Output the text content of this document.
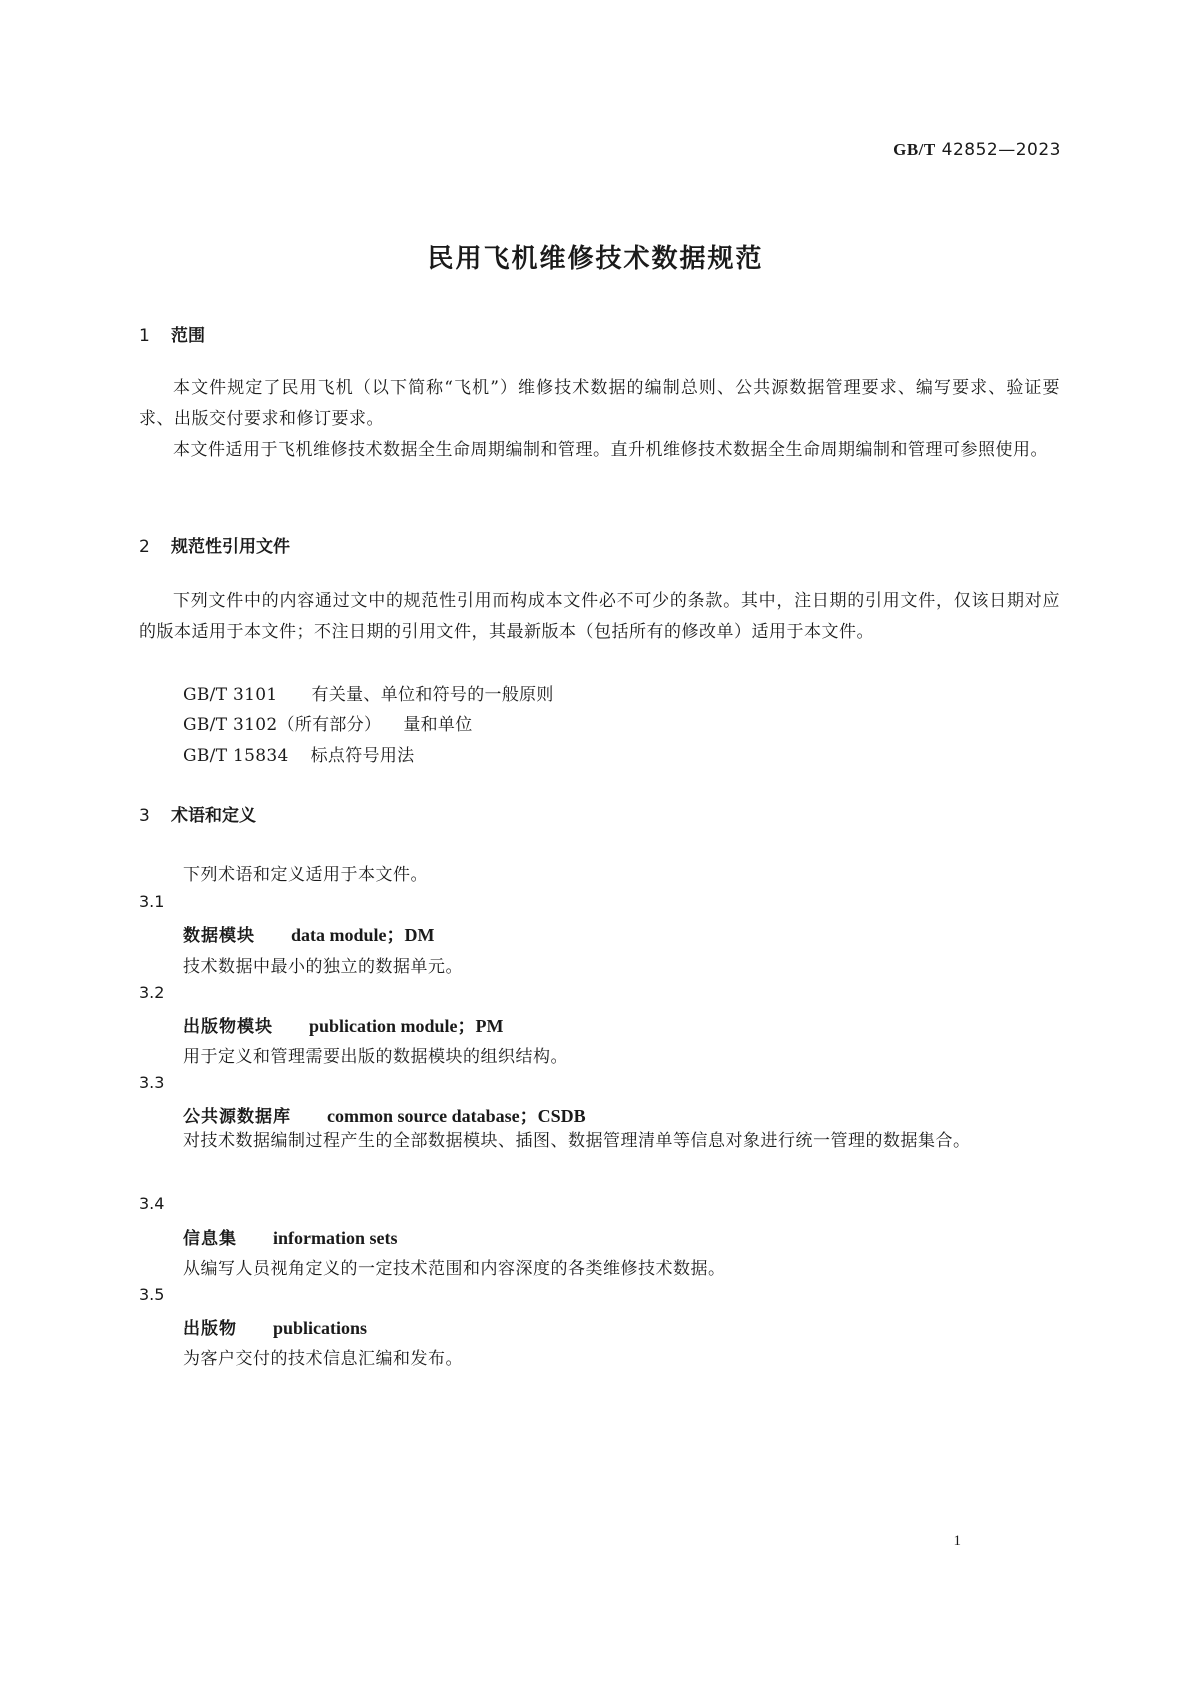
GB/T 42852—2023
民用飞机维修技术数据规范
1 范围
本文件规定了民用飞机（以下简称“飞机”）维修技术数据的编制总则、公共源数据管理要求、编写要求、验证要求、出版交付要求和修订要求。
本文件适用于飞机维修技术数据全生命周期编制和管理。直升机维修技术数据全生命周期编制和管理可参照使用。
2 规范性引用文件
下列文件中的内容通过文中的规范性引用而构成本文件必不可少的条款。其中，注日期的引用文件，仅该日期对应的版本适用于本文件；不注日期的引用文件，其最新版本（包括所有的修改单）适用于本文件。
GB/T 3101 有关量、单位和符号的一般原则
GB/T 3102（所有部分） 量和单位
GB/T 15834 标点符号用法
3 术语和定义
下列术语和定义适用于本文件。
3.1
数据模块 data module；DM
技术数据中最小的独立的数据单元。
3.2
出版物模块 publication module；PM
用于定义和管理需要出版的数据模块的组织结构。
3.3
公共源数据库 common source database；CSDB
对技术数据编制过程产生的全部数据模块、插图、数据管理清单等信息对象进行统一管理的数据集合。
3.4
信息集 information sets
从编写人员视角定义的一定技术范围和内容深度的各类维修技术数据。
3.5
出版物 publications
为客户交付的技术信息汇编和发布。
1
